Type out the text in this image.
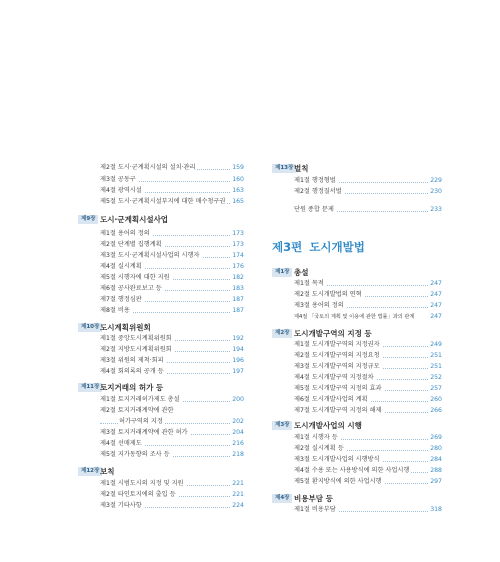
제2절 도시·군계획시설의 설치·관리	159
제3절 공동구	160
제4절 광역시설	163
제5절 도시·군계획시설부지에 대한 매수청구권	165
제9장 도시·군계획시설사업
제1절 용어의 정의	173
제2절 단계별 집행계획	173
제3절 도시·군계획시설사업의 시행자	174
제4절 실시계획	176
제5절 시행자에 대한 지원	182
제6절 공사완료보고 등	183
제7절 행정심판	187
제8절 비용	187
제10장 도시계획위원회
제1절 중앙도시계획위원회	192
제2절 지방도시계획위원회	194
제3절 위원의 제척·회피	196
제4절 회의록의 공개 등	197
제11장 토지거래의 허가 등
제1절 토지거래허가제도 총설	200
제2절 토지거래계약에 관한
허가구역의 지정	202
제3절 토지거래계약에 관한 허가	204
제4절 선매제도	216
제5절 지가동향의 조사 등	218
제12장 보칙
제1절 시범도시의 지정 및 지원	221
제2절 타인토지에의 출입 등	221
제3절 기타사항	224
제13장 벌칙
제1절 행정형벌	229
제2절 행정질서벌	230
단원 종합 문제	233
제3편 도시개발법
제1장 총설
제1절 목적	247
제2절 도시개발법의 연혁	247
제3절 용어의 정의	247
제4절 「국토의 계획 및 이용에 관한 법률」과의 관계	247
제2장 도시개발구역의 지정 등
제1절 도시개발구역의 지정권자	249
제2절 도시개발구역의 지정요청	251
제3절 도시개발구역의 지정규모	251
제4절 도시개발구역 지정절차	252
제5절 도시개발구역 지정의 효과	257
제6절 도시개발사업의 계획	260
제7절 도시개발구역 지정의 해제	266
제3장 도시개발사업의 시행
제1절 시행자 등	269
제2절 실시계획 등	280
제3절 도시개발사업의 시행방식	284
제4절 수용 또는 사용방식에 의한 사업시행	288
제5절 환지방식에 의한 사업시행	297
제4장 비용부담 등
제1절 비용부담	318
